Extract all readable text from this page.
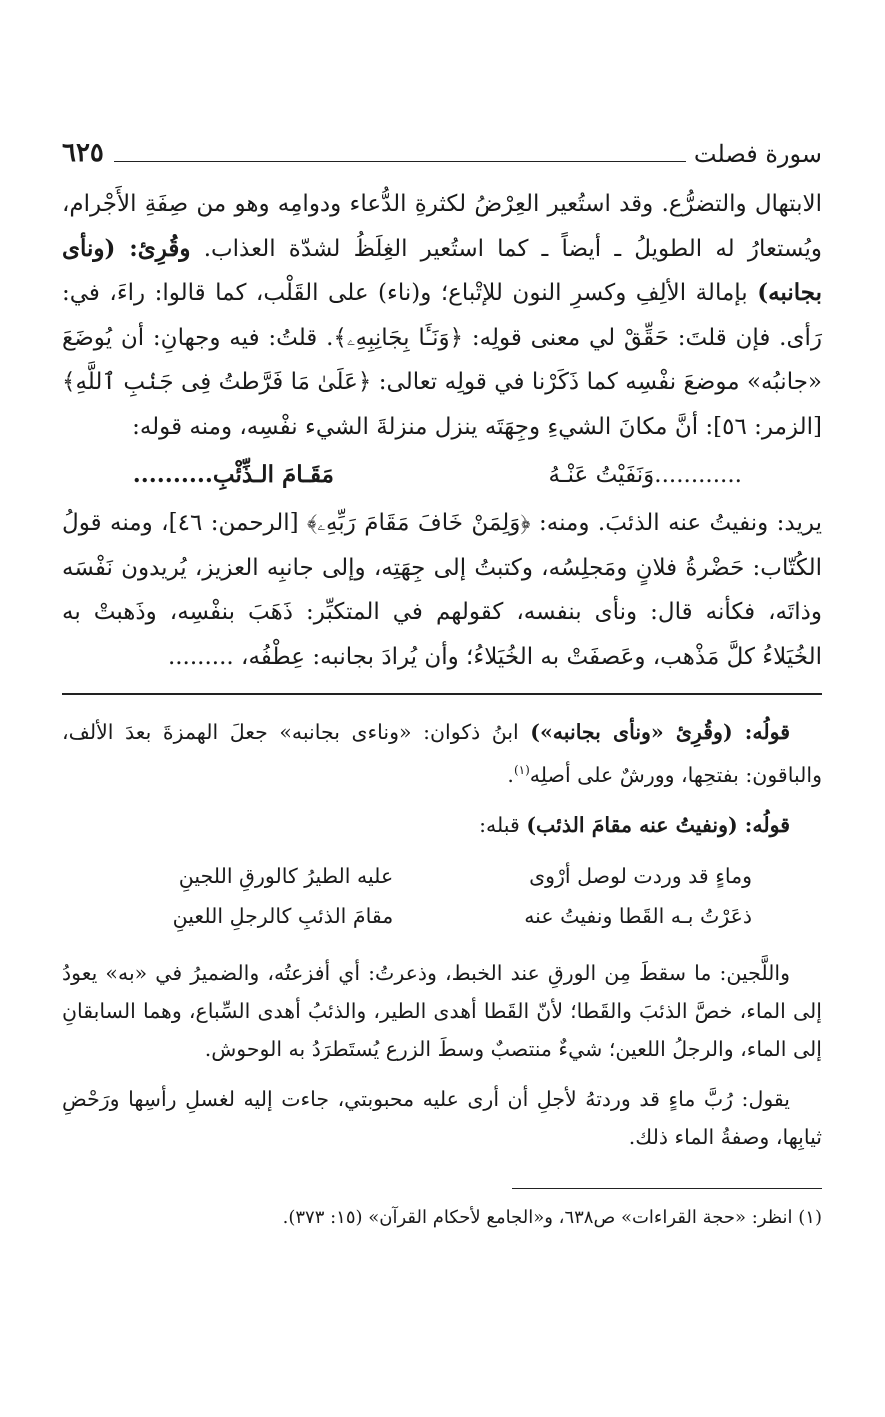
سورة فصلت
٦٢٥

الابتهال والتضرُّع. وقد استُعير العِرْضُ لكثرةِ الدُّعاء ودوامِه وهو من صِفَةِ الأَجْرام، ويُستعارُ له الطويلُ ـ أيضاً ـ كما استُعير الغِلَظُ لشدّة العذاب. وقُرِئ: (ونأى بجانبه) بإمالة الألِفِ وكسرِ النون للإتْباع؛ و(ناء) على القَلْب، كما قالوا: راءَ، في: رَأى. فإن قلتَ: حَقِّقْ لي معنى قولِه: ﴿وَنَـَٔا بِجَانِبِهِۦ﴾. قلتُ: فيه وجهانِ: أن يُوضَعَ «جانبُه» موضعَ نفْسِه كما ذَكَرْنا في قولِه تعالى: ﴿عَلَىٰ مَا فَرَّطتُ فِى جَنۢبِ ٱللَّهِ﴾ [الزمر: ٥٦]: أنَّ مكانَ الشيءِ وجِهَتَه ينزل منزلةَ الشيء نفْسِه، ومنه قوله:

............وَنَفَيْتُ عَنْـهُ
مَقَـامَ الـذِّئْبِ..........

يريد: ونفيتُ عنه الذئبَ. ومنه: ﴿وَلِمَنْ خَافَ مَقَامَ رَبِّهِۦ﴾ [الرحمن: ٤٦]، ومنه قولُ الكُتّاب: حَضْرةُ فلانٍ ومَجلِسُه، وكتبتُ إلى جِهَتِه، وإلى جانبِه العزيز، يُريدون نَفْسَه وذاتَه، فكأنه قال: ونأى بنفسه، كقولهم في المتكبِّر: ذَهَبَ بنفْسِه، وذَهبتْ به الخُيَلاءُ كلَّ مَذْهب، وعَصفَتْ به الخُيَلاءُ؛ وأن يُرادَ بجانبه: عِطْفُه، .........

قولُه: (وقُرِئ «ونأى بجانبه») ابنُ ذكوان: «وناءى بجانبه» جعلَ الهمزةَ بعدَ الألف، والباقون: بفتحِها، وورشٌ على أصلِه$^{(١)}$.

قولُه: (ونفيتُ عنه مقامَ الذئب) قبله:

وماءٍ قد وردت لوصل أرْوى
عليه الطيرُ كالورقِ اللجينِ
ذعَرْتُ بـه القَطا ونفيتُ عنه
مقامَ الذئبِ كالرجلِ اللعينِ

واللَّجين: ما سقطَ مِن الورقِ عند الخبط، وذعرتُ: أي أفزعتُه، والضميرُ في «به» يعودُ إلى الماء، خصَّ الذئبَ والقَطا؛ لأنّ القَطا أهدى الطير، والذئبُ أهدى السِّباع، وهما السابقانِ إلى الماء، والرجلُ اللعين؛ شيءٌ منتصبٌ وسطَ الزرع يُستَطرَدُ به الوحوش.

يقول: رُبَّ ماءٍ قد وردتهُ لأجلِ أن أرى عليه محبوبتي، جاءت إليه لغسلِ رأسِها ورَحْضِ ثيابِها، وصفةُ الماء ذلك.

(١) انظر: «حجة القراءات» ص٦٣٨، و«الجامع لأحكام القرآن» (١٥: ٣٧٣).
